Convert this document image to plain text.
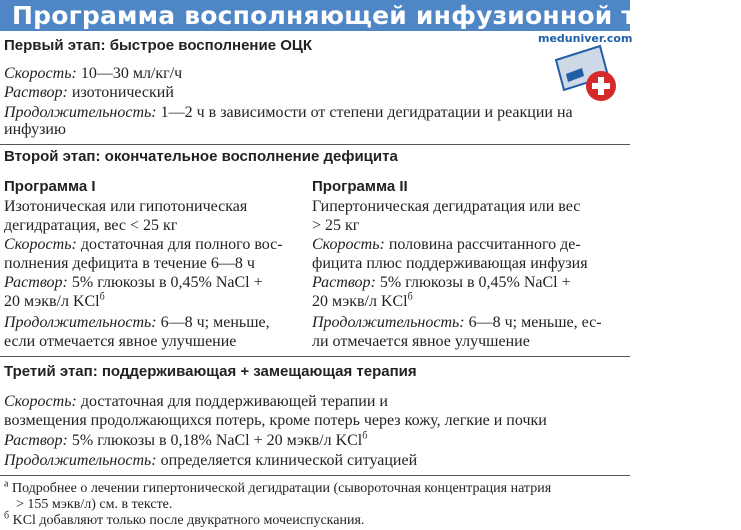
Программа восполняющей инфузионной терапии
meduniver.com
Первый этап: быстрое восполнение ОЦК
Скорость: 10—30 мл/кг/ч
Раствор: изотонический
Продолжительность: 1—2 ч в зависимости от степени дегидратации и реакции на
инфузию
Второй этап: окончательное восполнение дефицита
Программа I
Изотоническая или гипотоническая
дегидратация, вес < 25 кг
Скорость: достаточная для полного вос-
полнения дефицита в течение 6—8 ч
Раствор: 5% глюкозы в 0,45% NaCl +
20 мэкв/л KCl$^б$
Продолжительность: 6—8 ч; меньше,
если отмечается явное улучшение
Программа II
Гипертоническая дегидратация или вес
> 25 кг
Скорость: половина рассчитанного де-
фицита плюс поддерживающая инфузия
Раствор: 5% глюкозы в 0,45% NaCl +
20 мэкв/л KCl$^б$
Продолжительность: 6—8 ч; меньше, ес-
ли отмечается явное улучшение
Третий этап: поддерживающая + замещающая терапия
Скорость: достаточная для поддерживающей терапии и
возмещения продолжающихся потерь, кроме потерь через кожу, легкие и почки
Раствор: 5% глюкозы в 0,18% NaCl + 20 мэкв/л KCl$^б$
Продолжительность: определяется клинической ситуацией
$^а$ Подробнее о лечении гипертонической дегидратации (сывороточная концентрация натрия
> 155 мэкв/л) см. в тексте.
$^б$ KCl добавляют только после двукратного мочеиспускания.
